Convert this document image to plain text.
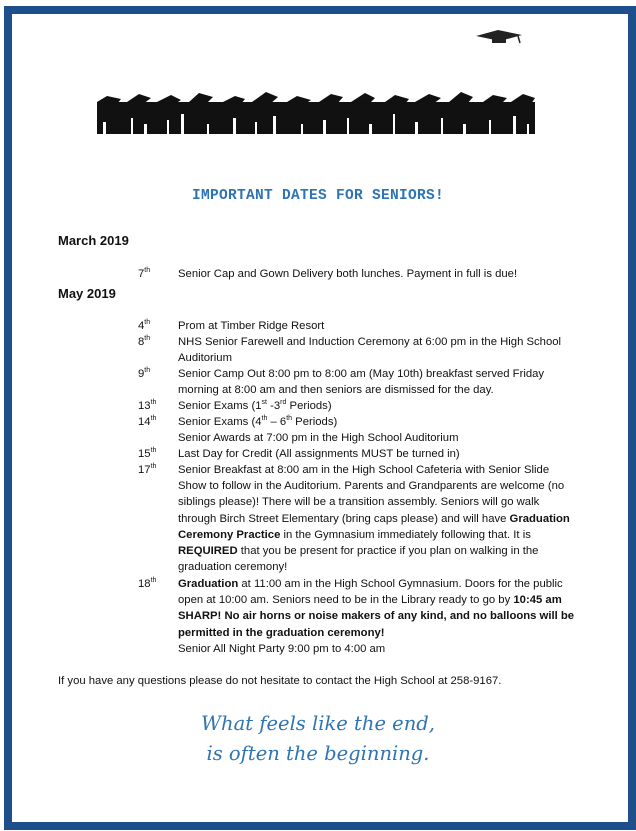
IMPORTANT DATES FOR SENIORS!
March 2019
7th Senior Cap and Gown Delivery both lunches. Payment in full is due!
May 2019
4th Prom at Timber Ridge Resort
8th NHS Senior Farewell and Induction Ceremony at 6:00 pm in the High School Auditorium
9th Senior Camp Out 8:00 pm to 8:00 am (May 10th) breakfast served Friday morning at 8:00 am and then seniors are dismissed for the day.
13th Senior Exams (1st -3rd Periods)
14th Senior Exams (4th – 6th Periods)
Senior Awards at 7:00 pm in the High School Auditorium
15th Last Day for Credit (All assignments MUST be turned in)
17th Senior Breakfast at 8:00 am in the High School Cafeteria with Senior Slide Show to follow in the Auditorium. Parents and Grandparents are welcome (no siblings please)! There will be a transition assembly. Seniors will go walk through Birch Street Elementary (bring caps please) and will have Graduation Ceremony Practice in the Gymnasium immediately following that. It is REQUIRED that you be present for practice if you plan on walking in the graduation ceremony!
18th Graduation at 11:00 am in the High School Gymnasium. Doors for the public open at 10:00 am. Seniors need to be in the Library ready to go by 10:45 am SHARP! No air horns or noise makers of any kind, and no balloons will be permitted in the graduation ceremony!
Senior All Night Party 9:00 pm to 4:00 am
If you have any questions please do not hesitate to contact the High School at 258-9167.
What feels like the end,
is often the beginning.
